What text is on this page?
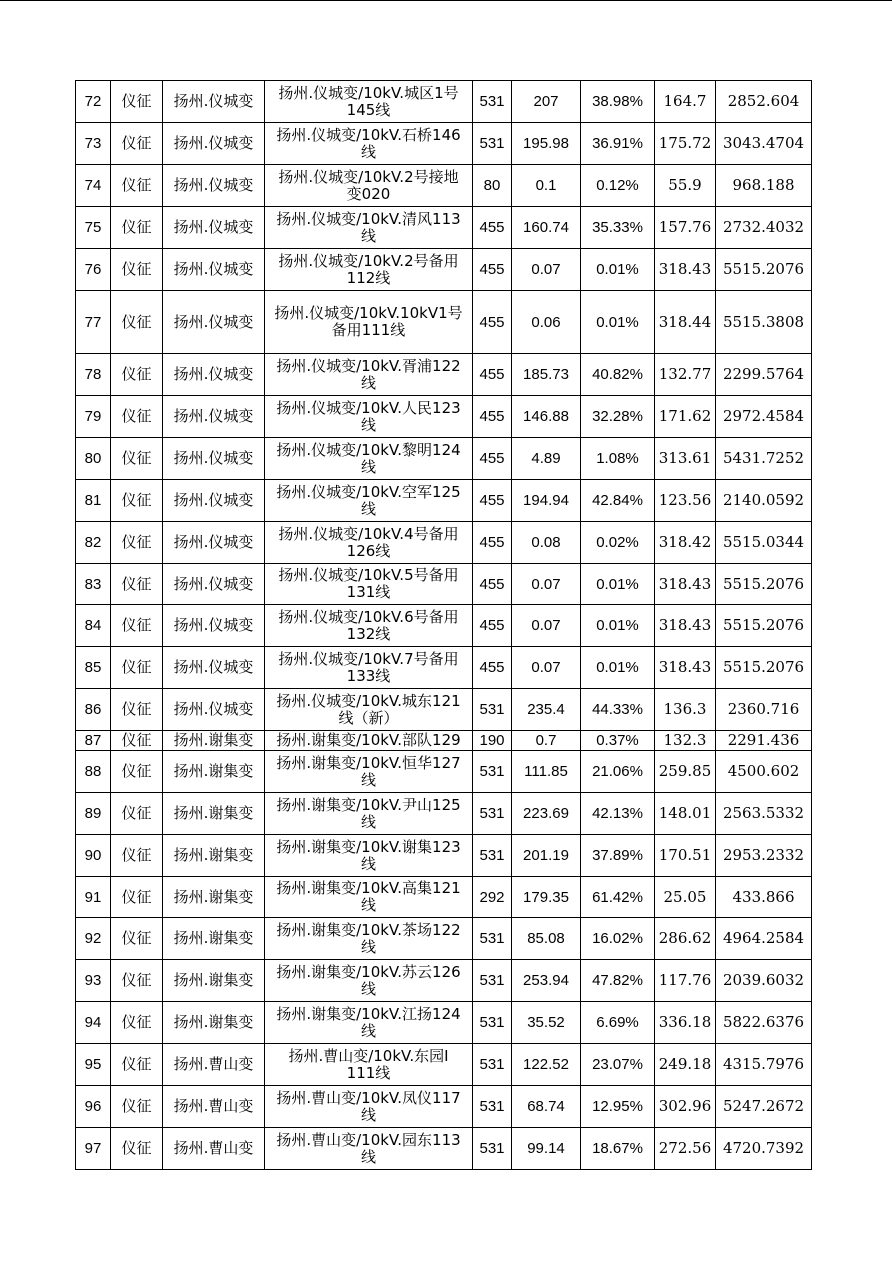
72	仪征	扬州.仪城变	扬州.仪城变/10kV.城区1号
145线	531	207	38.98%	164.7	2852.604
73	仪征	扬州.仪城变	扬州.仪城变/10kV.石桥146
线	531	195.98	36.91%	175.72	3043.4704
74	仪征	扬州.仪城变	扬州.仪城变/10kV.2号接地
变020	80	0.1	0.12%	55.9	968.188
75	仪征	扬州.仪城变	扬州.仪城变/10kV.清风113
线	455	160.74	35.33%	157.76	2732.4032
76	仪征	扬州.仪城变	扬州.仪城变/10kV.2号备用
112线	455	0.07	0.01%	318.43	5515.2076
77	仪征	扬州.仪城变	扬州.仪城变/10kV.10kV1号
备用111线	455	0.06	0.01%	318.44	5515.3808
78	仪征	扬州.仪城变	扬州.仪城变/10kV.胥浦122
线	455	185.73	40.82%	132.77	2299.5764
79	仪征	扬州.仪城变	扬州.仪城变/10kV.人民123
线	455	146.88	32.28%	171.62	2972.4584
80	仪征	扬州.仪城变	扬州.仪城变/10kV.黎明124
线	455	4.89	1.08%	313.61	5431.7252
81	仪征	扬州.仪城变	扬州.仪城变/10kV.空军125
线	455	194.94	42.84%	123.56	2140.0592
82	仪征	扬州.仪城变	扬州.仪城变/10kV.4号备用
126线	455	0.08	0.02%	318.42	5515.0344
83	仪征	扬州.仪城变	扬州.仪城变/10kV.5号备用
131线	455	0.07	0.01%	318.43	5515.2076
84	仪征	扬州.仪城变	扬州.仪城变/10kV.6号备用
132线	455	0.07	0.01%	318.43	5515.2076
85	仪征	扬州.仪城变	扬州.仪城变/10kV.7号备用
133线	455	0.07	0.01%	318.43	5515.2076
86	仪征	扬州.仪城变	扬州.仪城变/10kV.城东121
线（新）	531	235.4	44.33%	136.3	2360.716
87	仪征	扬州.谢集变	扬州.谢集变/10kV.部队129	190	0.7	0.37%	132.3	2291.436
88	仪征	扬州.谢集变	扬州.谢集变/10kV.恒华127
线	531	111.85	21.06%	259.85	4500.602
89	仪征	扬州.谢集变	扬州.谢集变/10kV.尹山125
线	531	223.69	42.13%	148.01	2563.5332
90	仪征	扬州.谢集变	扬州.谢集变/10kV.谢集123
线	531	201.19	37.89%	170.51	2953.2332
91	仪征	扬州.谢集变	扬州.谢集变/10kV.高集121
线	292	179.35	61.42%	25.05	433.866
92	仪征	扬州.谢集变	扬州.谢集变/10kV.茶场122
线	531	85.08	16.02%	286.62	4964.2584
93	仪征	扬州.谢集变	扬州.谢集变/10kV.苏云126
线	531	253.94	47.82%	117.76	2039.6032
94	仪征	扬州.谢集变	扬州.谢集变/10kV.江扬124
线	531	35.52	6.69%	336.18	5822.6376
95	仪征	扬州.曹山变	扬州.曹山变/10kV.东园Ⅰ
111线	531	122.52	23.07%	249.18	4315.7976
96	仪征	扬州.曹山变	扬州.曹山变/10kV.凤仪117
线	531	68.74	12.95%	302.96	5247.2672
97	仪征	扬州.曹山变	扬州.曹山变/10kV.园东113
线	531	99.14	18.67%	272.56	4720.7392
